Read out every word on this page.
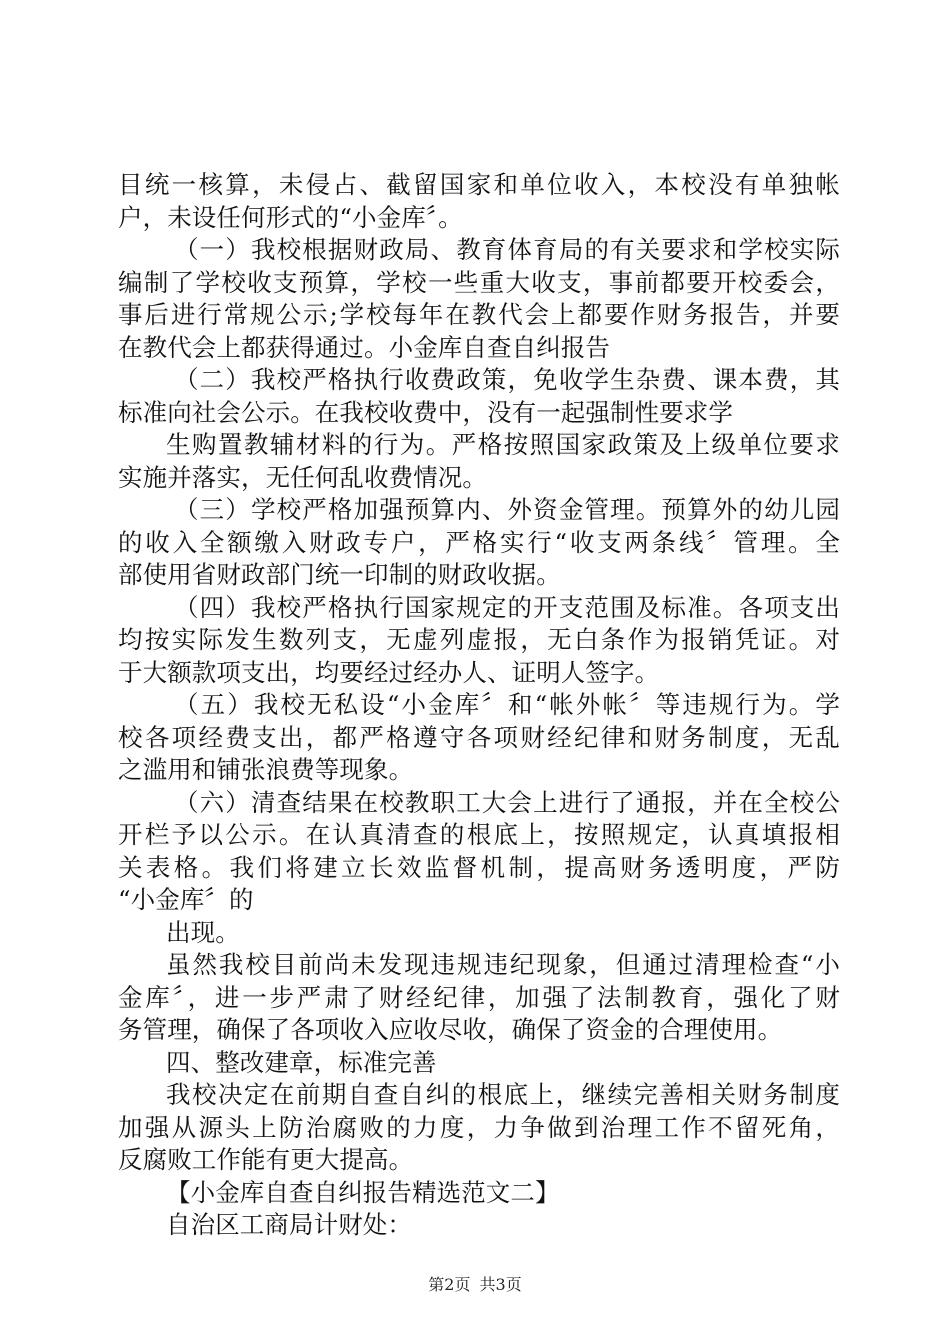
目统一核算，未侵占、截留国家和单位收入，本校没有单独帐
户，未设任何形式的“小金库〞。
（一）我校根据财政局、教育体育局的有关要求和学校实际
编制了学校收支预算，学校一些重大收支，事前都要开校委会，
事后进行常规公示;学校每年在教代会上都要作财务报告，并要
在教代会上都获得通过。小金库自查自纠报告
（二）我校严格执行收费政策，免收学生杂费、课本费，其
标准向社会公示。在我校收费中，没有一起强制性要求学
生购置教辅材料的行为。严格按照国家政策及上级单位要求
实施并落实，无任何乱收费情况。
（三）学校严格加强预算内、外资金管理。预算外的幼儿园
的收入全额缴入财政专户，严格实行“收支两条线〞管理。全
部使用省财政部门统一印制的财政收据。
（四）我校严格执行国家规定的开支范围及标准。各项支出
均按实际发生数列支，无虚列虚报，无白条作为报销凭证。对
于大额款项支出，均要经过经办人、证明人签字。
（五）我校无私设“小金库〞和“帐外帐〞等违规行为。学
校各项经费支出，都严格遵守各项财经纪律和财务制度，无乱
之滥用和铺张浪费等现象。
（六）清查结果在校教职工大会上进行了通报，并在全校公
开栏予以公示。在认真清查的根底上，按照规定，认真填报相
关表格。我们将建立长效监督机制，提高财务透明度，严防
“小金库〞的
出现。
虽然我校目前尚未发现违规违纪现象，但通过清理检查“小
金库〞，进一步严肃了财经纪律，加强了法制教育，强化了财
务管理，确保了各项收入应收尽收，确保了资金的合理使用。
四、整改建章，标准完善
我校决定在前期自查自纠的根底上，继续完善相关财务制度
加强从源头上防治腐败的力度，力争做到治理工作不留死角，
反腐败工作能有更大提高。
【小金库自查自纠报告精选范文二】
自治区工商局计财处：
第2页 共3页
